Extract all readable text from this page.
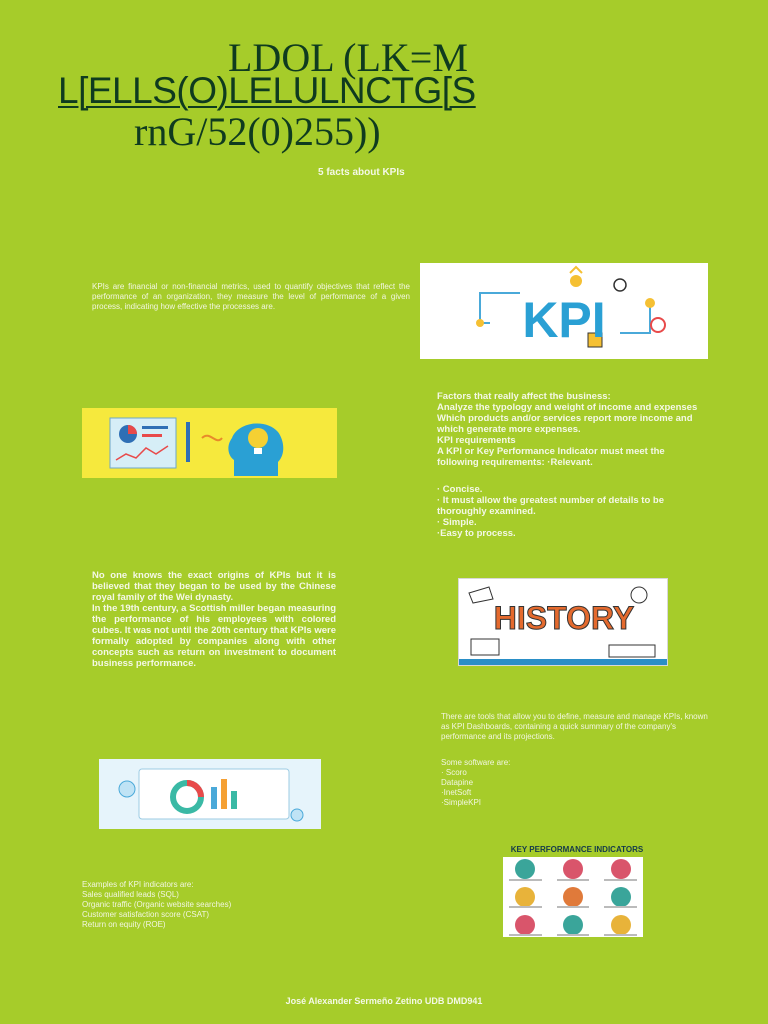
LDOL (LK=M
L[ELLS(O)LELULNCTG[S
rnG/52(0)255))
5 facts about KPIs
KPIs are financial or non-financial metrics, used to quantify objectives that reflect the performance of an organization, they measure the level of performance of a given process, indicating how effective the processes are.	KPI

Factors that really affect the business:

Analyze the typology and weight of income and expenses

Which products and/or services report more income and which generate more expenses.

KPI requirements

A KPI or Key Performance Indicator must meet the following requirements: ·Relevant.

· Concise.

· It must allow the greatest number of details to be thoroughly examined.

· Simple.

·Easy to process.

No one knows the exact origins of KPIs but it is believed that they began to be used by the Chinese royal family of the Wei dynasty.

In the 19th century, a Scottish miller began measuring the performance of his employees with colored cubes. It was not until the 20th century that KPIs were formally adopted by companies along with other concepts such as return on investment to document business performance.

HISTORY
There are tools that allow you to define, measure and manage KPIs, known as KPI Dashboards, containing a quick summary of the company's performance and its projections.

Some software are:

· Scoro

Datapine

·InetSoft

·SimpleKPI

KEY PERFORMANCE INDICATORS

Examples of KPI indicators are:

Sales qualified leads (SQL)

Organic traffic (Organic website searches)

Customer satisfaction score (CSAT)

Return on equity (ROE)

José Alexander Sermeño Zetino UDB DMD941
